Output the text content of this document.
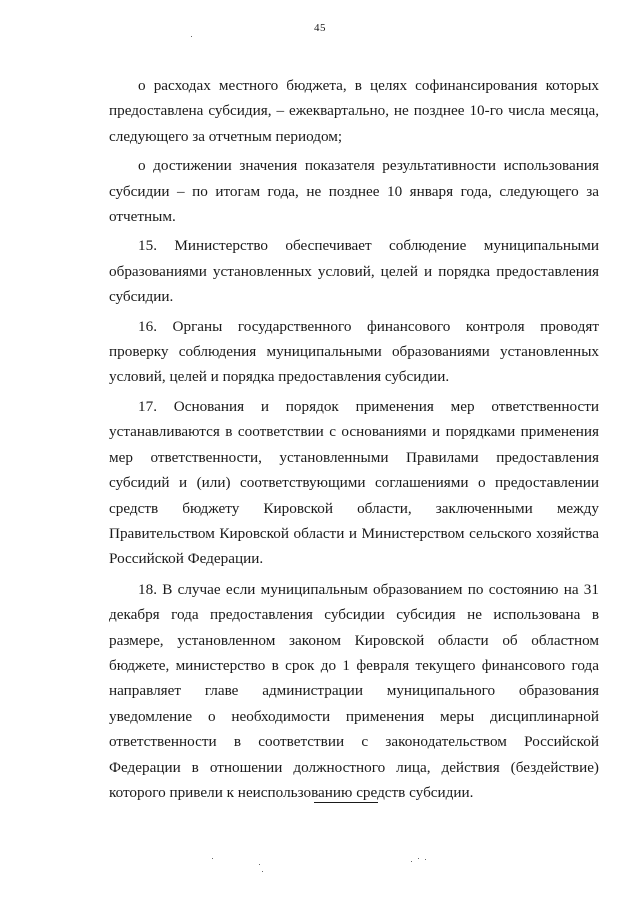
45

о расходах местного бюджета, в целях софинансирования которых предоставлена субсидия, – ежеквартально, не позднее 10-го числа месяца, следующего за отчетным периодом;

о достижении значения показателя результативности использования субсидии – по итогам года, не позднее 10 января года, следующего за отчетным.

15. Министерство обеспечивает соблюдение муниципальными образованиями установленных условий, целей и порядка предоставления субсидии.

16. Органы государственного финансового контроля проводят проверку соблюдения муниципальными образованиями установленных условий, целей и порядка предоставления субсидии.

17. Основания и порядок применения мер ответственности устанавливаются в соответствии с основаниями и порядками применения мер ответственности, установленными Правилами предоставления субсидий и (или) соответствующими соглашениями о предоставлении средств бюджету Кировской области, заключенными между Правительством Кировской области и Министерством сельского хозяйства Российской Федерации.

18. В случае если муниципальным образованием по состоянию на 31 декабря года предоставления субсидии субсидия не использована в размере, установленном законом Кировской области об областном бюджете, министерство в срок до 1 февраля текущего финансового года направляет главе администрации муниципального образования уведомление о необходимости применения меры дисциплинарной ответственности в соответствии с законодательством Российской Федерации в отношении должностного лица, действия (бездействие) которого привели к неиспользованию средств субсидии.
